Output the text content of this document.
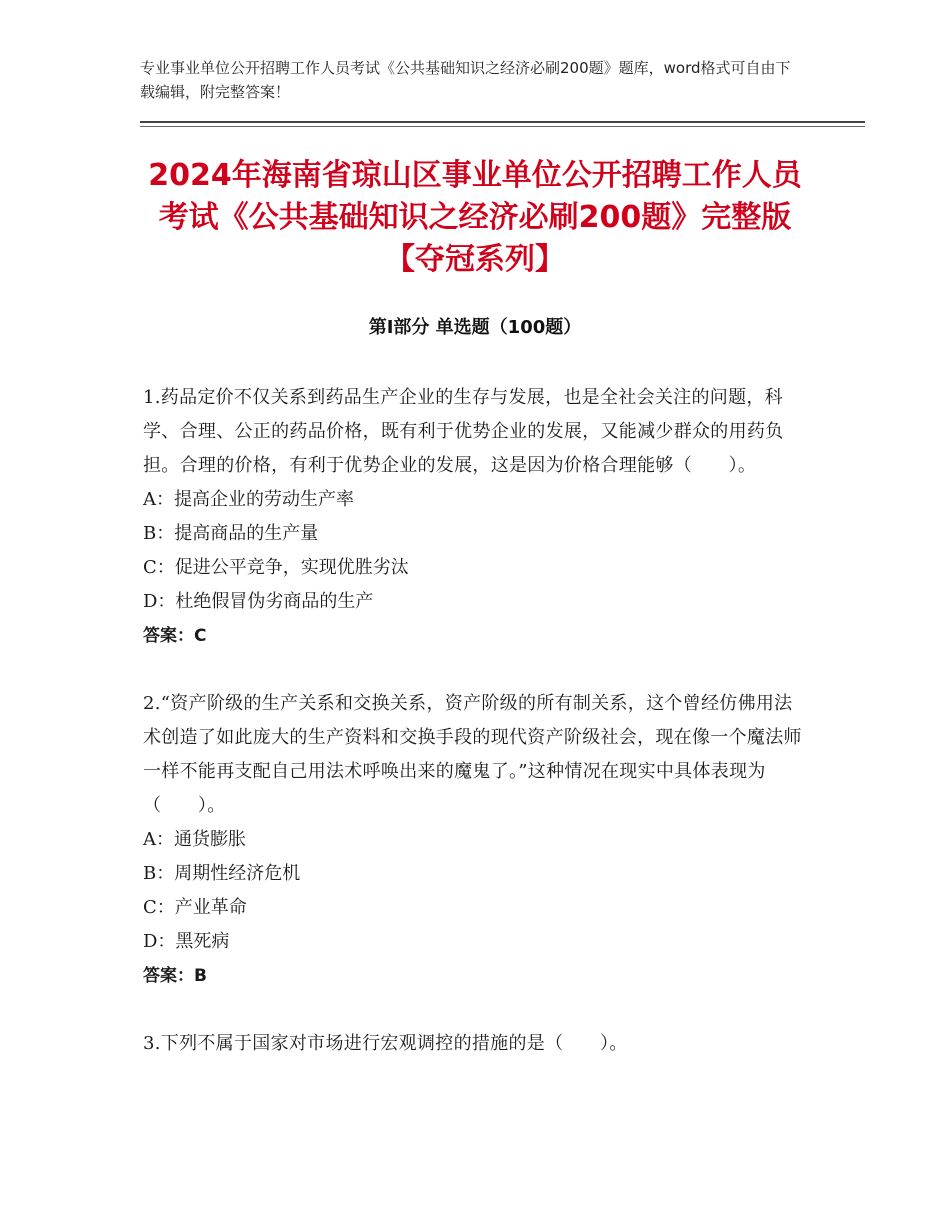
专业事业单位公开招聘工作人员考试《公共基础知识之经济必刷200题》题库，word格式可自由下载编辑，附完整答案！
2024年海南省琼山区事业单位公开招聘工作人员考试《公共基础知识之经济必刷200题》完整版【夺冠系列】
第Ⅰ部分 单选题（100题）

1.药品定价不仅关系到药品生产企业的生存与发展，也是全社会关注的问题，科学、合理、公正的药品价格，既有利于优势企业的发展，又能减少群众的用药负担。合理的价格，有利于优势企业的发展，这是因为价格合理能够（　　）。

A：提高企业的劳动生产率

B：提高商品的生产量

C：促进公平竞争，实现优胜劣汰

D：杜绝假冒伪劣商品的生产

答案：C

2.“资产阶级的生产关系和交换关系，资产阶级的所有制关系，这个曾经仿佛用法术创造了如此庞大的生产资料和交换手段的现代资产阶级社会，现在像一个魔法师一样不能再支配自己用法术呼唤出来的魔鬼了。”这种情况在现实中具体表现为（　　）。

A：通货膨胀

B：周期性经济危机

C：产业革命

D：黑死病

答案：B

3.下列不属于国家对市场进行宏观调控的措施的是（　　）。
